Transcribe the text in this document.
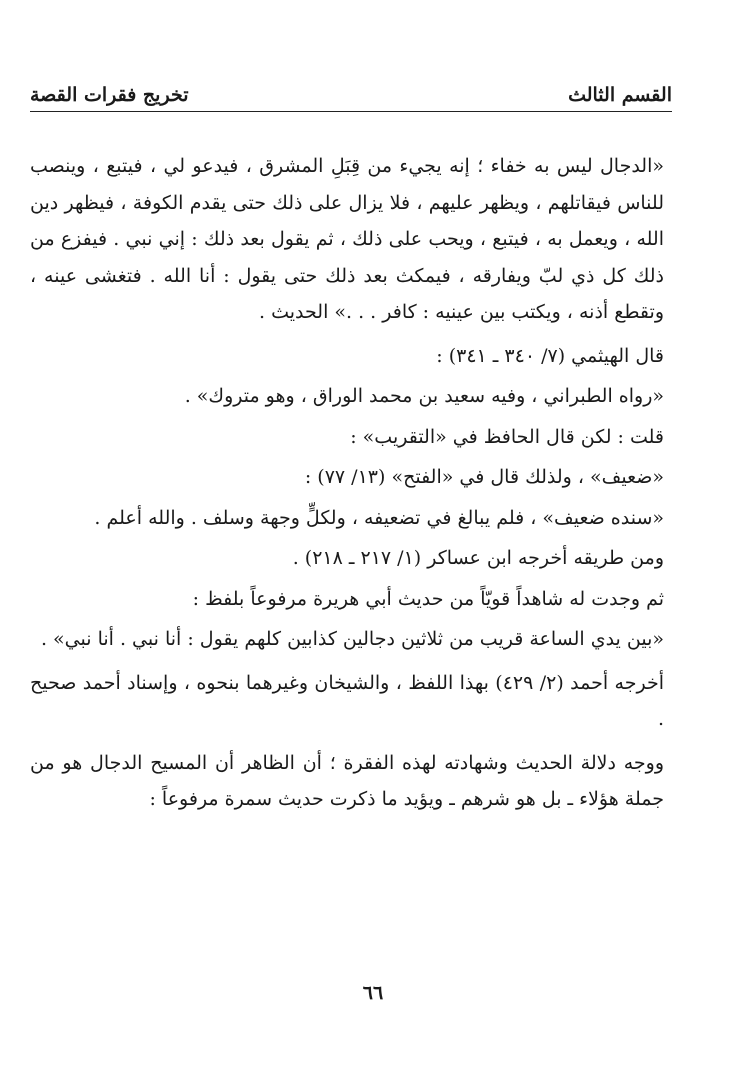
القسم الثالث
تخريج فقرات القصة

«الدجال ليس به خفاء ؛ إنه يجيء من قِبَلِ المشرق ، فيدعو لي ، فيتبع ، وينصب للناس فيقاتلهم ، ويظهر عليهم ، فلا يزال على ذلك حتى يقدم الكوفة ، فيظهر دين الله ، ويعمل به ، فيتبع ، ويحب على ذلك ، ثم يقول بعد ذلك : إني نبي . فيفزع من ذلك كل ذي لبّ ويفارقه ، فيمكث بعد ذلك حتى يقول : أنا الله . فتغشى عينه ، وتقطع أذنه ، ويكتب بين عينيه : كافر . . .» الحديث .

قال الهيثمي (٧/ ٣٤٠ ـ ٣٤١) :

«رواه الطبراني ، وفيه سعيد بن محمد الوراق ، وهو متروك» .

قلت : لكن قال الحافظ في «التقريب» :

«ضعيف» ، ولذلك قال في «الفتح» (١٣/ ٧٧) :

«سنده ضعيف» ، فلم يبالغ في تضعيفه ، ولكلٍّ وجهة وسلف . والله أعلم .

ومن طريقه أخرجه ابن عساكر (١/ ٢١٧ ـ ٢١٨) .

ثم وجدت له شاهداً قويّاً من حديث أبي هريرة مرفوعاً بلفظ :

«بين يدي الساعة قريب من ثلاثين دجالين كذابين كلهم يقول : أنا نبي . أنا نبي» .

أخرجه أحمد (٢/ ٤٢٩) بهذا اللفظ ، والشيخان وغيرهما بنحوه ، وإسناد أحمد صحيح .

ووجه دلالة الحديث وشهادته لهذه الفقرة ؛ أن الظاهر أن المسيح الدجال هو من جملة هؤلاء ـ بل هو شرهم ـ ويؤيد ما ذكرت حديث سمرة مرفوعاً :

٦٦
